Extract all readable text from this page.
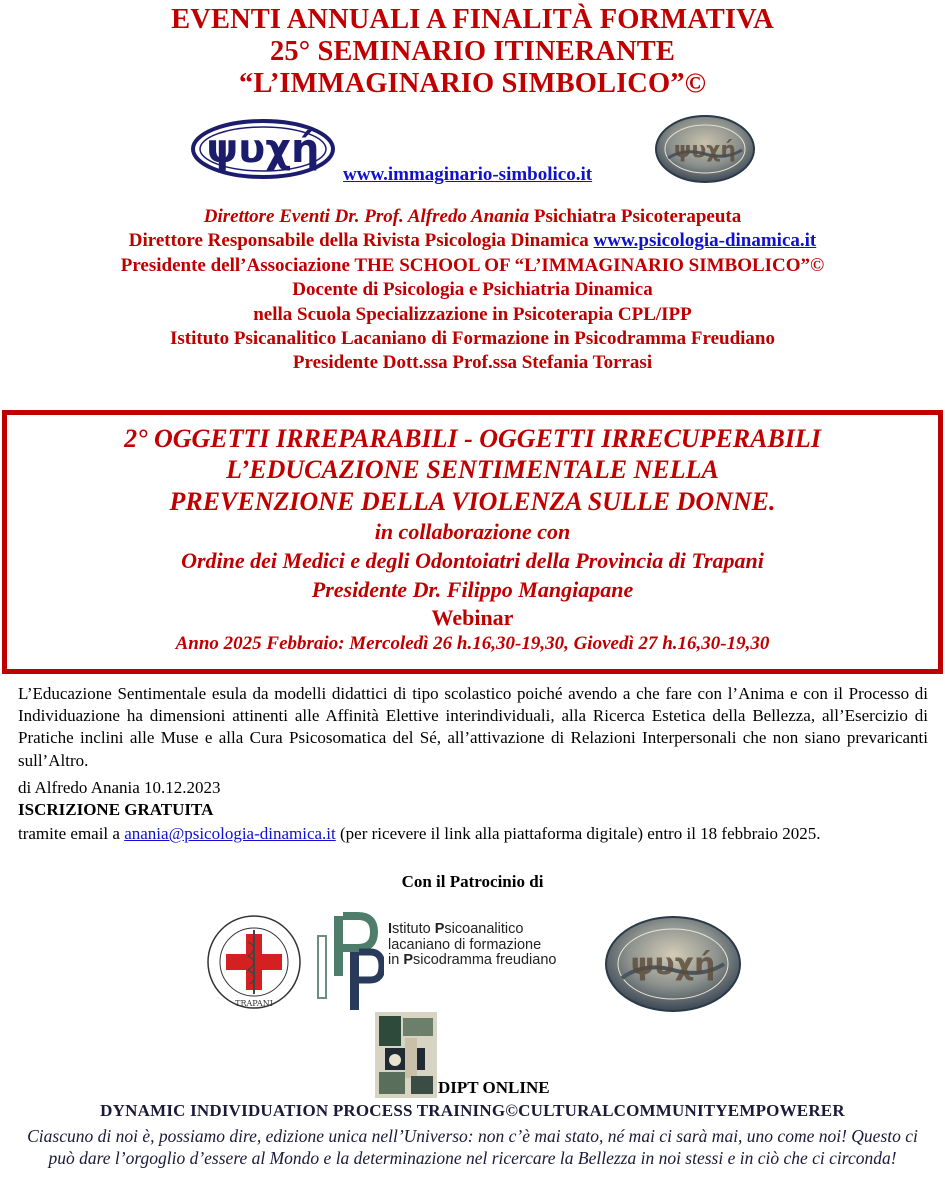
EVENTI ANNUALI A FINALITÀ FORMATIVA
25° SEMINARIO ITINERANTE
“L’IMMAGINARIO SIMBOLICO”©
ψυχή	ψυχή
www.immaginario-simbolico.it
Direttore Eventi Dr. Prof. Alfredo Anania Psichiatra Psicoterapeuta
Direttore Responsabile della Rivista Psicologia Dinamica www.psicologia-dinamica.it
Presidente dell’Associazione THE SCHOOL OF “L’IMMAGINARIO SIMBOLICO”©
Docente di Psicologia e Psichiatria Dinamica
nella Scuola Specializzazione in Psicoterapia CPL/IPP
Istituto Psicanalitico Lacaniano di Formazione in Psicodramma Freudiano
Presidente Dott.ssa Prof.ssa Stefania Torrasi
2° OGGETTI IRREPARABILI - OGGETTI IRRECUPERABILI
L’EDUCAZIONE SENTIMENTALE NELLA
PREVENZIONE DELLA VIOLENZA SULLE DONNE.
in collaborazione con
Ordine dei Medici e degli Odontoiatri della Provincia di Trapani
Presidente Dr. Filippo Mangiapane
Webinar
Anno 2025 Febbraio: Mercoledì 26 h.16,30-19,30, Giovedì 27 h.16,30-19,30
L’Educazione Sentimentale esula da modelli didattici di tipo scolastico poiché avendo a che fare con l’Anima e con il Processo di Individuazione ha dimensioni attinenti alle Affinità Elettive interindividuali, alla Ricerca Estetica della Bellezza, all’Esercizio di Pratiche inclini alle Muse e alla Cura Psicosomatica del Sé, all’attivazione di Relazioni Interpersonali che non siano prevaricanti sull’Altro.
di Alfredo Anania 10.12.2023
ISCRIZIONE GRATUITA
tramite email a anania@psicologia-dinamica.it (per ricevere il link alla piattaforma digitale) entro il 18 febbraio 2025.
Con il Patrocinio di
TRAPANI
Istituto Psicoanalitico
lacaniano di formazione
in Psicodramma freudiano ψυχή
DIPT ONLINE
DYNAMIC INDIVIDUATION PROCESS TRAINING©CULTURALCOMMUNITYEMPOWERER
Ciascuno di noi è, possiamo dire, edizione unica nell’Universo: non c’è mai stato, né mai ci sarà mai, uno come noi! Questo ci può dare l’orgoglio d’essere al Mondo e la determinazione nel ricercare la Bellezza in noi stessi e in ciò che ci circonda!
